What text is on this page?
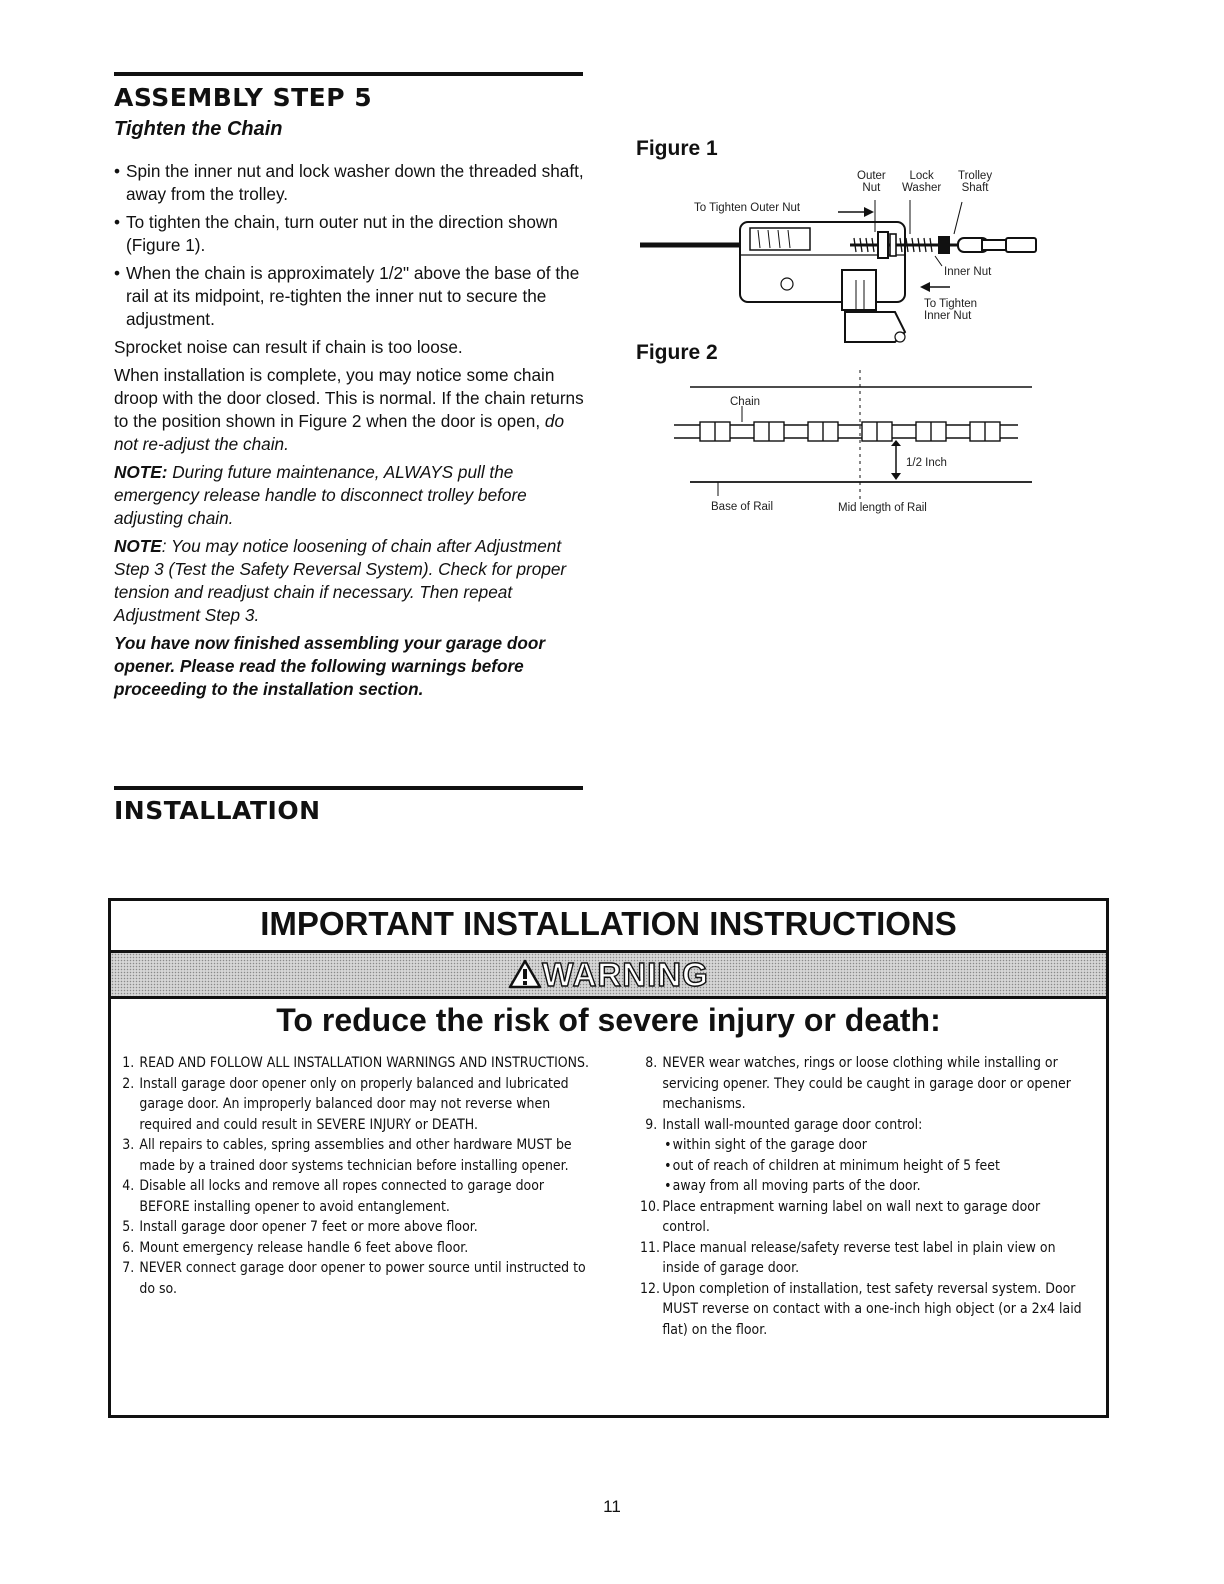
ASSEMBLY STEP 5
Tighten the Chain
• Spin the inner nut and lock washer down the threaded shaft, away from the trolley.
• To tighten the chain, turn outer nut in the direction shown (Figure 1).
• When the chain is approximately 1/2" above the base of the rail at its midpoint, re-tighten the inner nut to secure the adjustment.

Sprocket noise can result if chain is too loose.

When installation is complete, you may notice some chain droop with the door closed. This is normal. If the chain returns to the position shown in Figure 2 when the door is open, do not re-adjust the chain.

NOTE: During future maintenance, ALWAYS pull the emergency release handle to disconnect trolley before adjusting chain.

NOTE: You may notice loosening of chain after Adjustment Step 3 (Test the Safety Reversal System). Check for proper tension and readjust chain if necessary. Then repeat Adjustment Step 3.

You have now finished assembling your garage door opener. Please read the following warnings before proceeding to the installation section.

Figure 1
Outer
Nut
Lock
Washer
Trolley
Shaft
To Tighten Outer Nut
Inner Nut
To Tighten
Inner Nut
Figure 2
Chain
1/2 Inch
Base of Rail	Mid length of Rail
INSTALLATION
IMPORTANT INSTALLATION INSTRUCTIONS
WARNING
To reduce the risk of severe injury or death:
1. READ AND FOLLOW ALL INSTALLATION WARNINGS AND INSTRUCTIONS.
2. Install garage door opener only on properly balanced and lubricated garage door. An improperly balanced door may not reverse when required and could result in SEVERE INJURY or DEATH.
3. All repairs to cables, spring assemblies and other hardware MUST be made by a trained door systems technician before installing opener.
4. Disable all locks and remove all ropes connected to garage door BEFORE installing opener to avoid entanglement.
5. Install garage door opener 7 feet or more above floor.
6. Mount emergency release handle 6 feet above floor.
7. NEVER connect garage door opener to power source until instructed to do so.
8. NEVER wear watches, rings or loose clothing while installing or servicing opener. They could be caught in garage door or opener mechanisms.
9. Install wall-mounted garage door control:
• within sight of the garage door
• out of reach of children at minimum height of 5 feet
• away from all moving parts of the door.
10. Place entrapment warning label on wall next to garage door control.
11. Place manual release/safety reverse test label in plain view on inside of garage door.
12. Upon completion of installation, test safety reversal system. Door MUST reverse on contact with a one-inch high object (or a 2x4 laid flat) on the floor.
11
